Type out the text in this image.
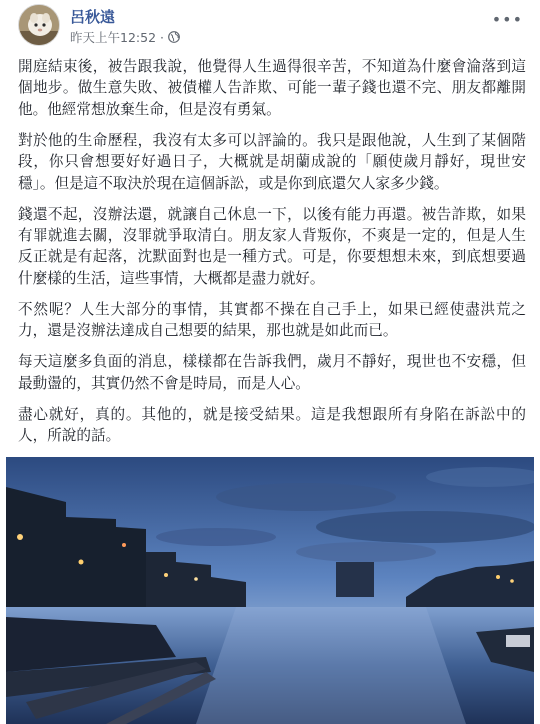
呂秋遠
昨天上午12:52 ·
•••

開庭結束後，被告跟我說，他覺得人生過得很辛苦，不知道為什麼會淪落到這個地步。做生意失敗、被債權人告詐欺、可能一輩子錢也還不完、朋友都離開他。他經常想放棄生命，但是沒有勇氣。

對於他的生命歷程，我沒有太多可以評論的。我只是跟他說，人生到了某個階段，你只會想要好好過日子，大概就是胡蘭成說的「願使歲月靜好，現世安穩」。但是這不取決於現在這個訴訟，或是你到底還欠人家多少錢。

錢還不起，沒辦法還，就讓自己休息一下，以後有能力再還。被告詐欺，如果有罪就進去關，沒罪就爭取清白。朋友家人背叛你，不爽是一定的，但是人生反正就是有起落，沈默面對也是一種方式。可是，你要想想未來，到底想要過什麼樣的生活，這些事情，大概都是盡力就好。

不然呢？人生大部分的事情，其實都不操在自己手上，如果已經使盡洪荒之力，還是沒辦法達成自己想要的結果，那也就是如此而已。

每天這麼多負面的消息，樣樣都在告訴我們，歲月不靜好，現世也不安穩，但最動盪的，其實仍然不會是時局，而是人心。

盡心就好，真的。其他的，就是接受結果。這是我想跟所有身陷在訴訟中的人，所說的話。
